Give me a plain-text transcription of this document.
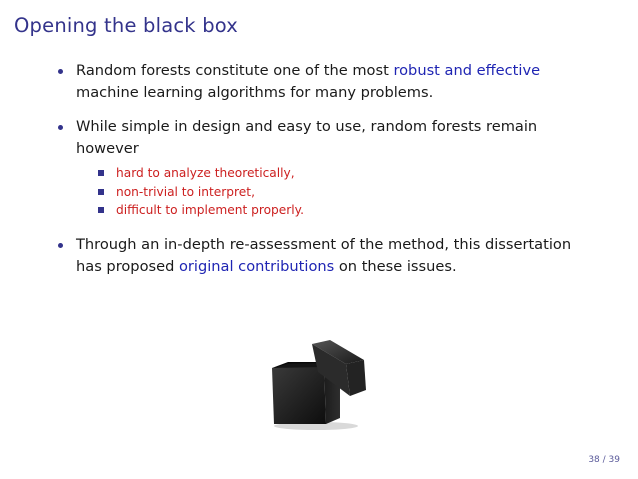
Opening the black box
Random forests constitute one of the most robust and effective machine learning algorithms for many problems.
While simple in design and easy to use, random forests remain however
hard to analyze theoretically,
non-trivial to interpret,
difficult to implement properly.
Through an in-depth re-assessment of the method, this dissertation has proposed original contributions on these issues.
38 / 39
